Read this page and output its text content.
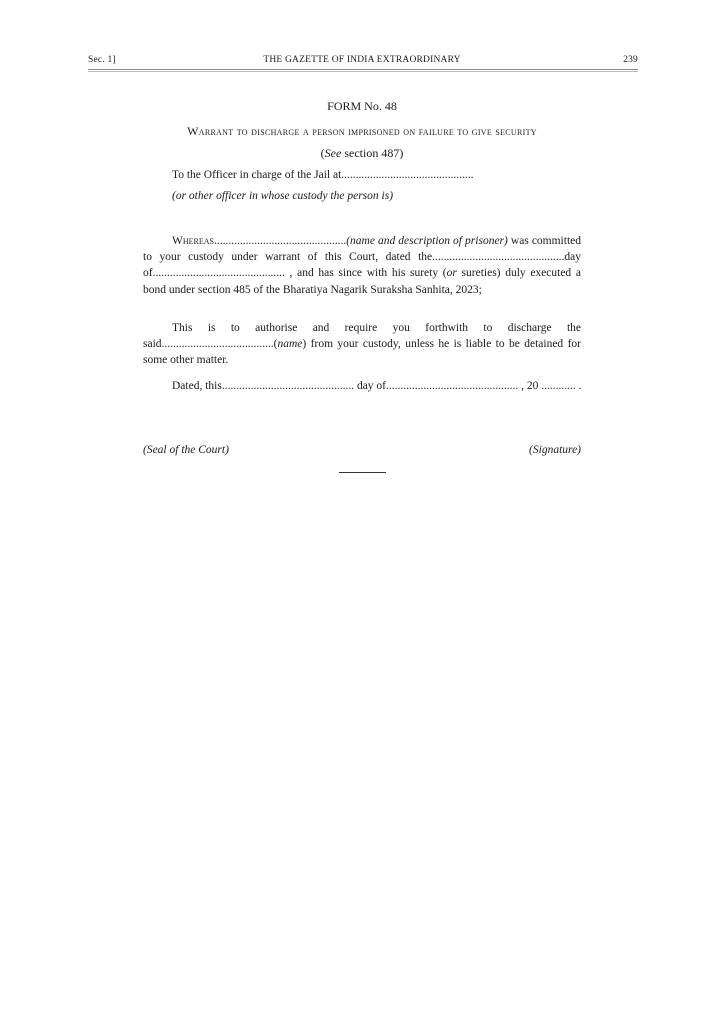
Sec. 1]	THE GAZETTE OF INDIA EXTRAORDINARY	239
FORM No. 48
Warrant to discharge a person imprisoned on failure to give security
(See section 487)
To the Officer in charge of the Jail at..............................................
(or other officer in whose custody the person is)
Whereas..............................................(name and description of prisoner) was committed to your custody under warrant of this Court, dated the..............................................day of.............................................. , and has since with his surety (or sureties) duly executed a bond under section 485 of the Bharatiya Nagarik Suraksha Sanhita, 2023;
This is to authorise and require you forthwith to discharge the said.......................................(name) from your custody, unless he is liable to be detained for some other matter.
Dated, this.............................................. day of.............................................. , 20 ............ .
(Seal of the Court)	(Signature)
